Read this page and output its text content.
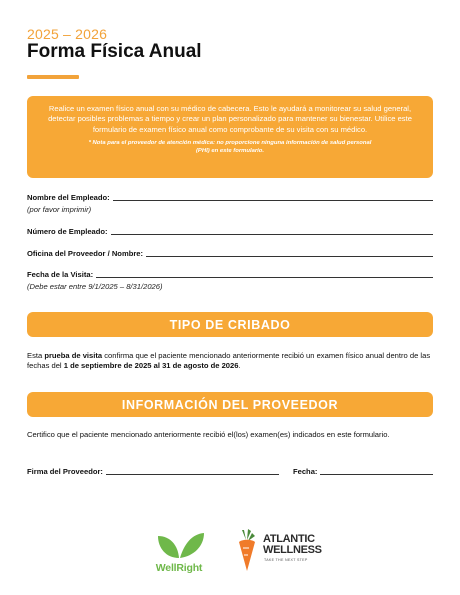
2025 – 2026
Forma Física Anual

Realice un examen físico anual con su médico de cabecera. Esto le ayudará a monitorear su salud general, detectar posibles problemas a tiempo y crear un plan personalizado para mantener su bienestar. Utilice este formulario de examen físico anual como comprobante de su visita con su médico.

* Nota para el proveedor de atención médica: no proporcione ninguna información de salud personal (PHI) en este formulario.

Nombre del Empleado:
(por favor imprimir)
Número de Empleado:
Oficina del Proveedor / Nombre:
Fecha de la Visita:
(Debe estar entre 9/1/2025 – 8/31/2026)
TIPO DE CRIBADO

Esta prueba de visita confirma que el paciente mencionado anteriormente recibió un examen físico anual dentro de las fechas del 1 de septiembre de 2025 al 31 de agosto de 2026.

INFORMACIÓN DEL PROVEEDOR

Certifico que el paciente mencionado anteriormente recibió el(los) examen(es) indicados en este formulario.

Firma del Proveedor:	Fecha:
WellRight
ATLANTIC
WELLNESS
TAKE THE NEXT STEP
